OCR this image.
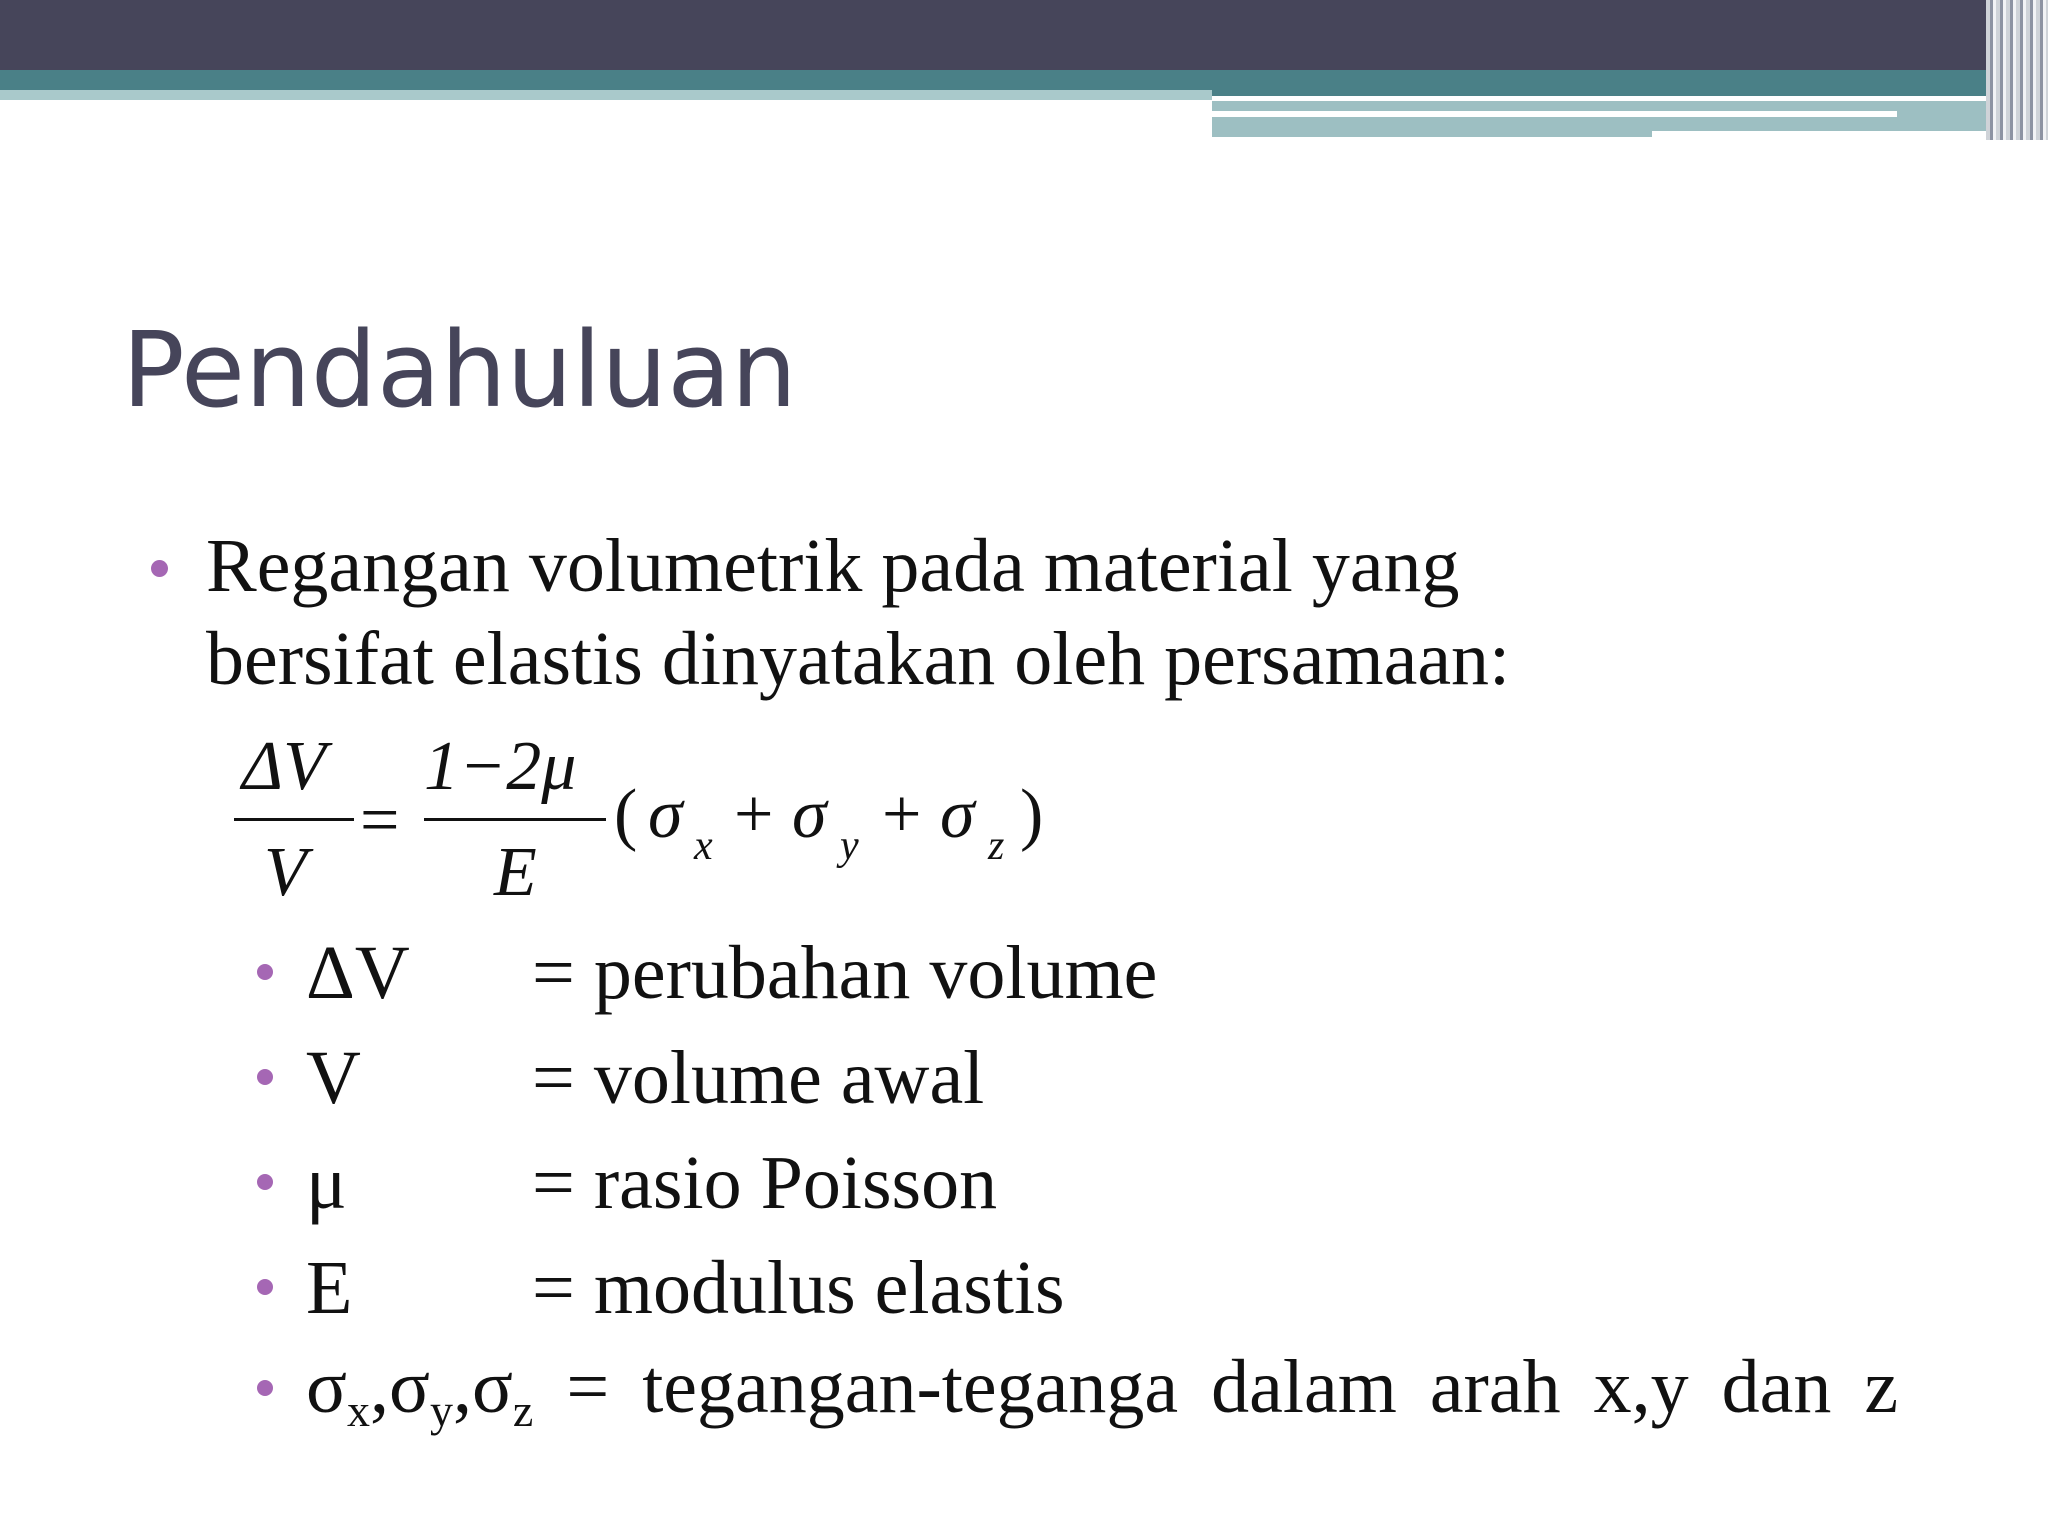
Pendahuluan
Regangan volumetrik pada material yang
bersifat elastis dinyatakan oleh persamaan:
ΔV
V
=
1−2μ
E
( σ x + σ y + σ z )
ΔV = perubahan volume
V = volume awal
μ = rasio Poisson
E = modulus elastis
$\sigma_x,\sigma_y,\sigma_z$ = tegangan-teganga dalam arah x,y dan z
